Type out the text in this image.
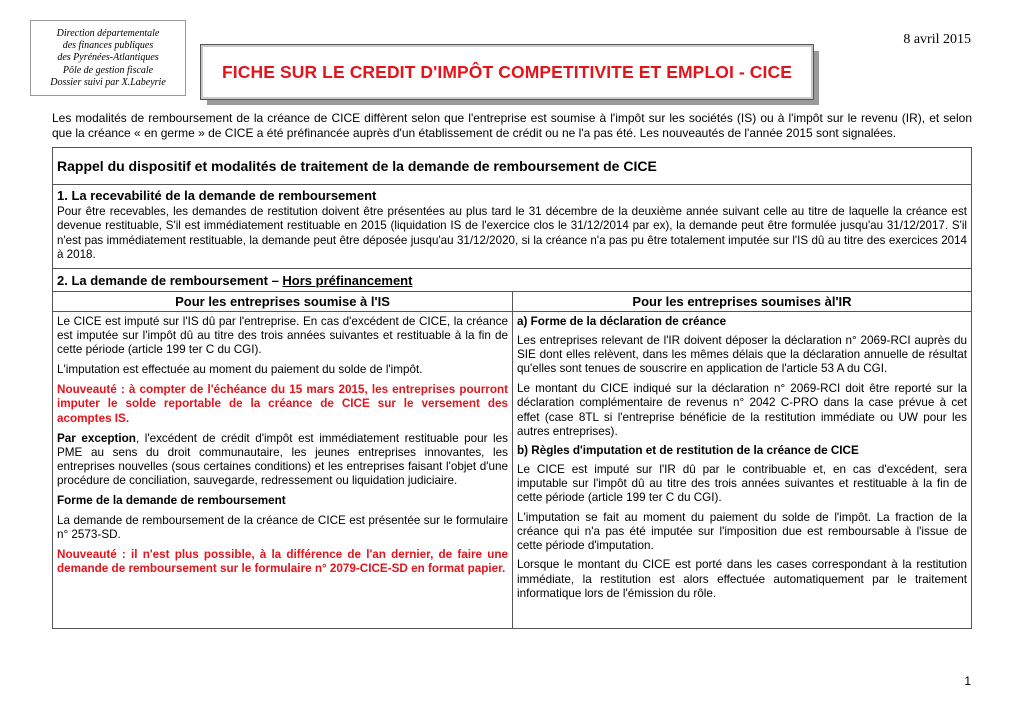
Direction départementale
des finances publiques
des Pyrénées-Atlantiques
Pôle de gestion fiscale
Dossier suivi par X.Labeyrie
8 avril 2015
FICHE SUR LE CREDIT D'IMPÔT COMPETITIVITE ET EMPLOI - CICE

Les modalités de remboursement de la créance de CICE diffèrent selon que l'entreprise est soumise à l'impôt sur les sociétés (IS) ou à l'impôt sur le revenu (IR), et selon que la créance « en germe » de CICE a été préfinancée auprès d'un établissement de crédit ou ne l'a pas été. Les nouveautés de l'année 2015 sont signalées.

Rappel du dispositif et modalités de traitement de la demande de remboursement de CICE
1. La recevabilité de la demande de remboursement

Pour être recevables, les demandes de restitution doivent être présentées au plus tard le 31 décembre de la deuxième année suivant celle au titre de laquelle la créance est devenue restituable, S'il est immédiatement restituable en 2015 (liquidation IS de l'exercice clos le 31/12/2014 par ex), la demande peut être formulée jusqu'au 31/12/2017. S'il n'est pas immédiatement restituable, la demande peut être déposée jusqu'au 31/12/2020, si la créance n'a pas pu être totalement imputée sur l'IS dû au titre des exercices 2014 à 2018.

2. La demande de remboursement –
Hors préfinancement
Pour les entreprises soumise à l'IS

Le CICE est imputé sur l'IS dû par l'entreprise. En cas d'excédent de CICE, la créance est imputée sur l'impôt dû au titre des trois années suivantes et restituable à la fin de cette période (article 199 ter C du CGI).

L'imputation est effectuée au moment du paiement du solde de l'impôt.

Nouveauté : à compter de l'échéance du 15 mars 2015, les entreprises pourront imputer le solde reportable de la créance de CICE sur le versement des acomptes IS.

Par exception, l'excédent de crédit d'impôt est immédiatement restituable pour les PME au sens du droit communautaire, les jeunes entreprises innovantes, les entreprises nouvelles (sous certaines conditions) et les entreprises faisant l'objet d'une procédure de conciliation, sauvegarde, redressement ou liquidation judiciaire.

Forme de la demande de remboursement

La demande de remboursement de la créance de CICE est présentée sur le formulaire n° 2573-SD.

Nouveauté : il n'est plus possible, à la différence de l'an dernier, de faire une demande de remboursement sur le formulaire n° 2079-CICE-SD en format papier.

Pour les entreprises soumises àl'IR

a) Forme de la déclaration de créance

Les entreprises relevant de l'IR doivent déposer la déclaration n° 2069-RCI auprès du SIE dont elles relèvent, dans les mêmes délais que la déclaration annuelle de résultat qu'elles sont tenues de souscrire en application de l'article 53 A du CGI.

Le montant du CICE indiqué sur la déclaration n° 2069-RCI doit être reporté sur la déclaration complémentaire de revenus n° 2042 C-PRO dans la case prévue à cet effet (case 8TL si l'entreprise bénéficie de la restitution immédiate ou UW pour les autres entreprises).

b) Règles d'imputation et de restitution de la créance de CICE

Le CICE est imputé sur l'IR dû par le contribuable et, en cas d'excédent, sera imputable sur l'impôt dû au titre des trois années suivantes et restituable à la fin de cette période (article 199 ter C du CGI).

L'imputation se fait au moment du paiement du solde de l'impôt. La fraction de la créance qui n'a pas été imputée sur l'imposition due est remboursable à l'issue de cette période d'imputation.

Lorsque le montant du CICE est porté dans les cases correspondant à la restitution immédiate, la restitution est alors effectuée automatiquement par le traitement informatique lors de l'émission du rôle.

1
